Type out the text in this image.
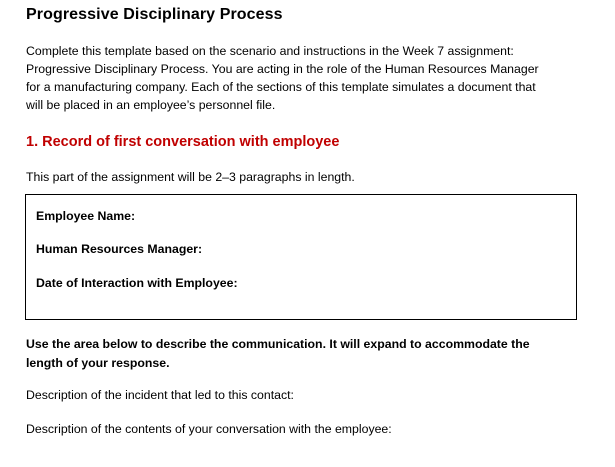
Progressive Disciplinary Process
Complete this template based on the scenario and instructions in the Week 7 assignment:
Progressive Disciplinary Process. You are acting in the role of the Human Resources Manager
for a manufacturing company. Each of the sections of this template simulates a document that
will be placed in an employee’s personnel file.
1. Record of first conversation with employee
This part of the assignment will be 2–3 paragraphs in length.
Employee Name:
Human Resources Manager:
Date of Interaction with Employee:
Use the area below to describe the communication. It will expand to accommodate the
length of your response.
Description of the incident that led to this contact:
Description of the contents of your conversation with the employee:
